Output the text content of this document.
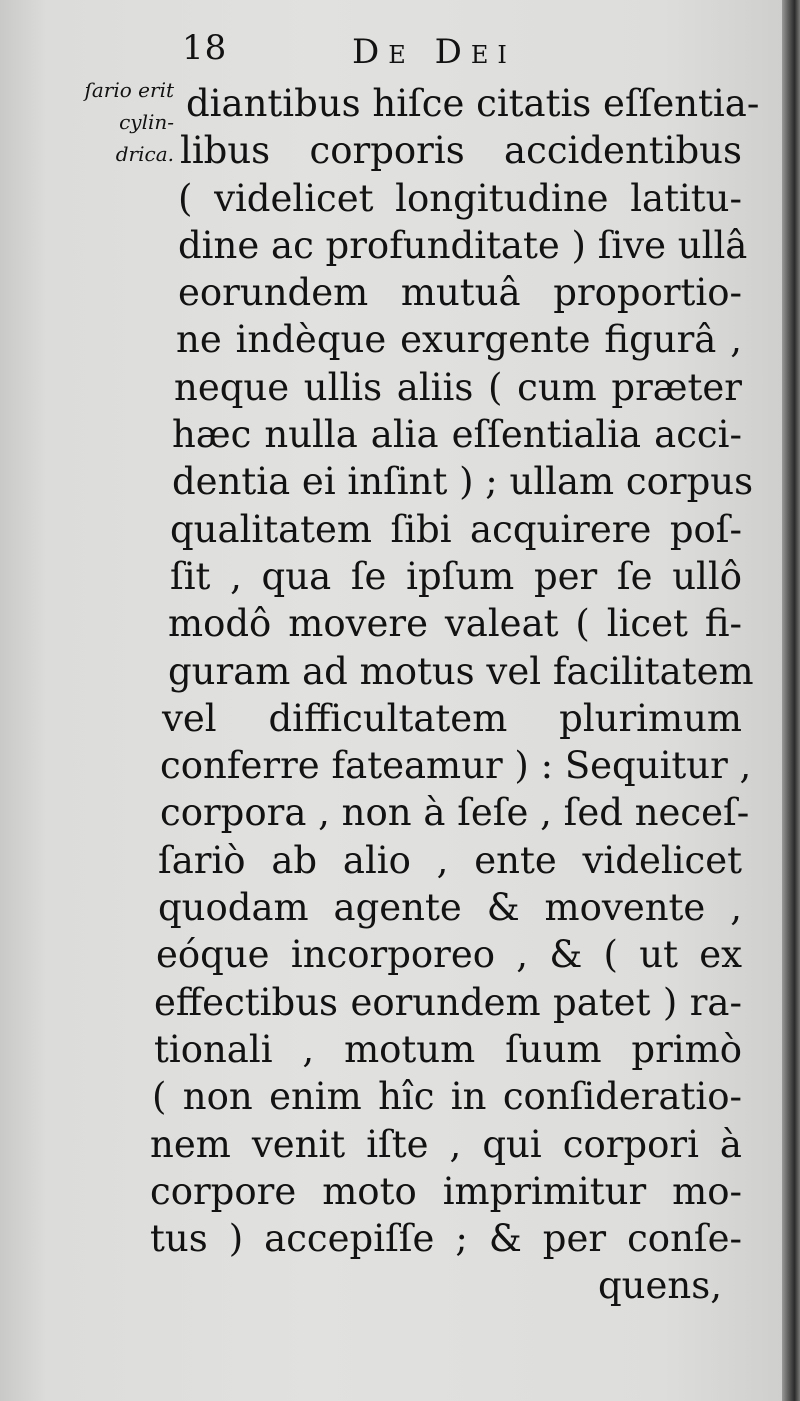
18	De Dei
ſario erit
cylin-
drica.
diantibus hiſce citatis eſſentia-
libus corporis accidentibus
( videlicet longitudine latitu-
dine ac profunditate ) ſive ullâ
eorundem mutuâ proportio-
ne indèque exurgente figurâ ,
neque ullis aliis ( cum præter
hæc nulla alia eſſentialia acci-
dentia ei inſint ) ; ullam corpus
qualitatem ſibi acquirere poſ-
ſit , qua ſe ipſum per ſe ullô
modô movere valeat ( licet fi-
guram ad motus vel facilitatem
vel difficultatem plurimum
conferre fateamur ) : Sequitur ,
corpora , non à ſeſe , ſed neceſ-
ſariò ab alio , ente videlicet
quodam agente & movente ,
eóque incorporeo , & ( ut ex
effectibus eorundem patet ) ra-
tionali , motum ſuum primò
( non enim hîc in conſideratio-
nem venit iſte , qui corpori à
corpore moto imprimitur mo-
tus ) accepiſſe ; & per conſe-
quens,
